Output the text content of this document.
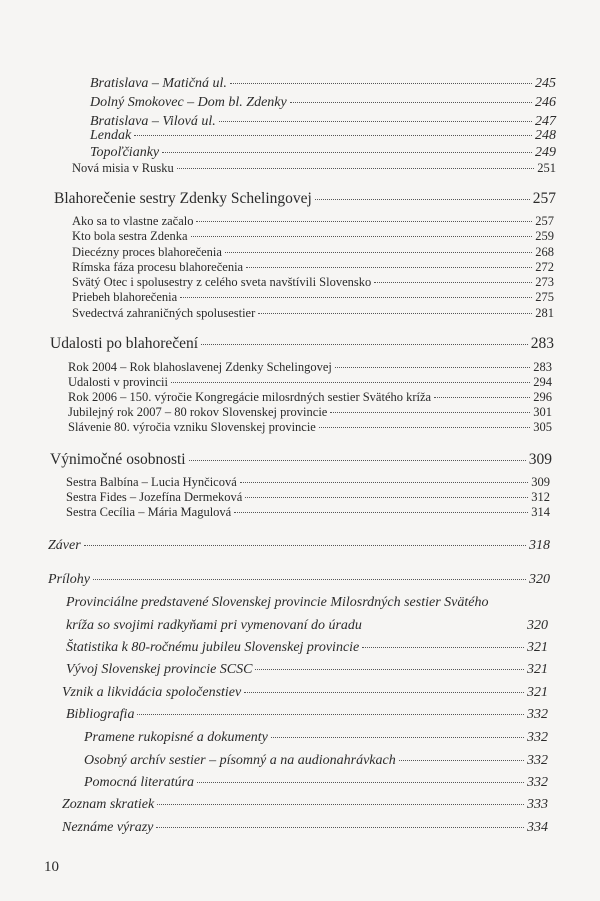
Bratislava – Matičná ul.	245
Dolný Smokovec – Dom bl. Zdenky	246
Bratislava – Vilová ul.	247
Lendak	248
Topoľčianky	249
Nová misia v Rusku	251
Blahorečenie sestry Zdenky Schelingovej	257
Ako sa to vlastne začalo	257
Kto bola sestra Zdenka	259
Diecézny proces blahorečenia	268
Rímska fáza procesu blahorečenia	272
Svätý Otec i spolusestry z celého sveta navštívili Slovensko	273
Priebeh blahorečenia	275
Svedectvá zahraničných spolusestier	281
Udalosti po blahorečení	283
Rok 2004 – Rok blahoslavenej Zdenky Schelingovej	283
Udalosti v provincii	294
Rok 2006 – 150. výročie Kongregácie milosrdných sestier Svätého kríža	296
Jubilejný rok 2007 – 80 rokov Slovenskej provincie	301
Slávenie 80. výročia vzniku Slovenskej provincie	305
Výnimočné osobnosti	309
Sestra Balbína – Lucia Hynčicová	309
Sestra Fides – Jozefína Dermeková	312
Sestra Cecília – Mária Magulová	314
Záver	318
Prílohy	320
Provinciálne predstavené Slovenskej provincie Milosrdných sestier Svätého
kríža so svojimi radkyňami pri vymenovaní do úradu	320
Štatistika k 80-ročnému jubileu Slovenskej provincie	321
Vývoj Slovenskej provincie SCSC	321
Vznik a likvidácia spoločenstiev	321
Bibliografia	332
Pramene rukopisné a dokumenty	332
Osobný archív sestier – písomný a na audionahrávkach	332
Pomocná literatúra	332
Zoznam skratiek	333
Neznáme výrazy	334
10
